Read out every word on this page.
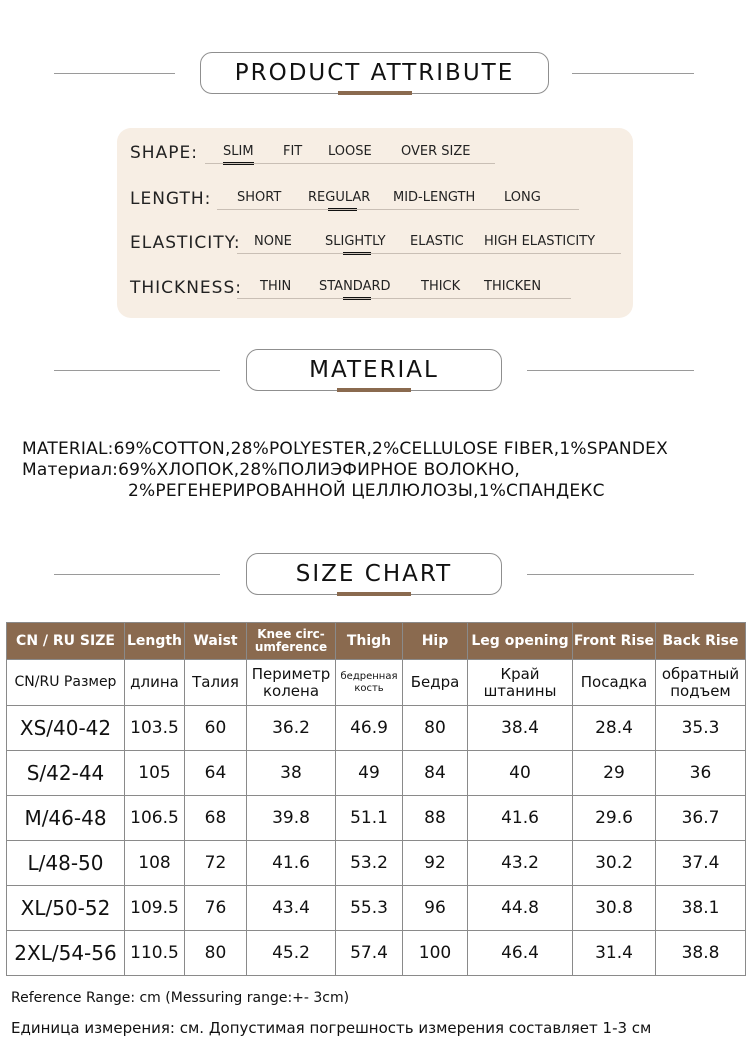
PRODUCT ATTRIBUTE
SHAPE: SLIM FIT LOOSE OVER SIZE
LENGTH: SHORT REGULAR MID-LENGTH LONG
ELASTICITY: NONE	SLIGHTLY ELASTIC HIGH ELASTICITY
THICKNESS: THIN STANDARD THICK THICKEN
MATERIAL
MATERIAL:69%COTTON,28%POLYESTER,2%CELLULOSE FIBER,1%SPANDEX
Материал:69%ХЛОПОК,28%ПОЛИЭФИРНОЕ ВОЛОКНО,
2%РЕГЕНЕРИРОВАННОЙ ЦЕЛЛЮЛОЗЫ,1%СПАНДЕКС
SIZE CHART
CN / RU SIZE	Length	Waist	Knee circ- umference	Thigh	Hip	Leg opening	Front Rise	Back Rise
CN/RU Размер	длина	Талия	Периметр колена	бедренная кость	Бедра	Край штанины	Посадка	обратный подъем
XS/40-42	103.5	60	36.2	46.9	80	38.4	28.4	35.3
S/42-44	105	64	38	49	84	40	29	36
M/46-48	106.5	68	39.8	51.1	88	41.6	29.6	36.7
L/48-50	108	72	41.6	53.2	92	43.2	30.2	37.4
XL/50-52	109.5	76	43.4	55.3	96	44.8	30.8	38.1
2XL/54-56	110.5	80	45.2	57.4	100	46.4	31.4	38.8
Reference Range: cm (Messuring range:+- 3cm)
Единица измерения: см. Допустимая погрешность измерения составляет 1-3 см
